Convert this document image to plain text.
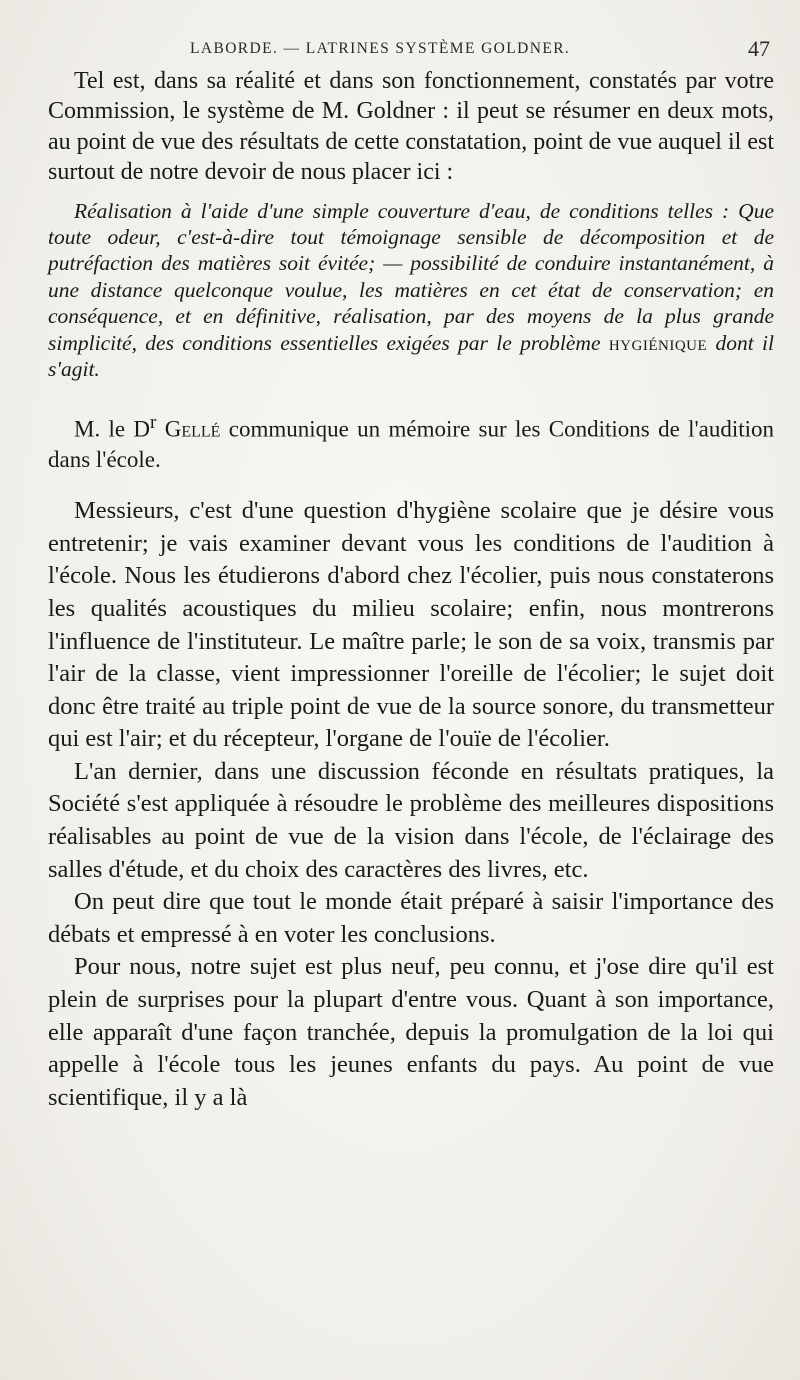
LABORDE. — LATRINES SYSTÈME GOLDNER.	47

Tel est, dans sa réalité et dans son fonctionnement, constatés par votre Commission, le système de M. Goldner : il peut se résumer en deux mots, au point de vue des résultats de cette constatation, point de vue auquel il est surtout de notre devoir de nous placer ici :

Réalisation à l'aide d'une simple couverture d'eau, de conditions telles : Que toute odeur, c'est-à-dire tout témoignage sensible de décomposition et de putréfaction des matières soit évitée; — possibilité de conduire instantanément, à une distance quelconque voulue, les matières en cet état de conservation; en conséquence, et en définitive, réalisation, par des moyens de la plus grande simplicité, des conditions essentielles exigées par le problème hygiénique dont il s'agit.

M. le $D^r$ Gellé communique un mémoire sur les Conditions de l'audition dans l'école.

Messieurs, c'est d'une question d'hygiène scolaire que je désire vous entretenir; je vais examiner devant vous les conditions de l'audition à l'école. Nous les étudierons d'abord chez l'écolier, puis nous constaterons les qualités acoustiques du milieu scolaire; enfin, nous montrerons l'influence de l'instituteur. Le maître parle; le son de sa voix, transmis par l'air de la classe, vient impressionner l'oreille de l'écolier; le sujet doit donc être traité au triple point de vue de la source sonore, du transmetteur qui est l'air; et du récepteur, l'organe de l'ouïe de l'écolier.

L'an dernier, dans une discussion féconde en résultats pratiques, la Société s'est appliquée à résoudre le problème des meilleures dispositions réalisables au point de vue de la vision dans l'école, de l'éclairage des salles d'étude, et du choix des caractères des livres, etc.

On peut dire que tout le monde était préparé à saisir l'importance des débats et empressé à en voter les conclusions.

Pour nous, notre sujet est plus neuf, peu connu, et j'ose dire qu'il est plein de surprises pour la plupart d'entre vous. Quant à son importance, elle apparaît d'une façon tranchée, depuis la promulgation de la loi qui appelle à l'école tous les jeunes enfants du pays. Au point de vue scientifique, il y a là
